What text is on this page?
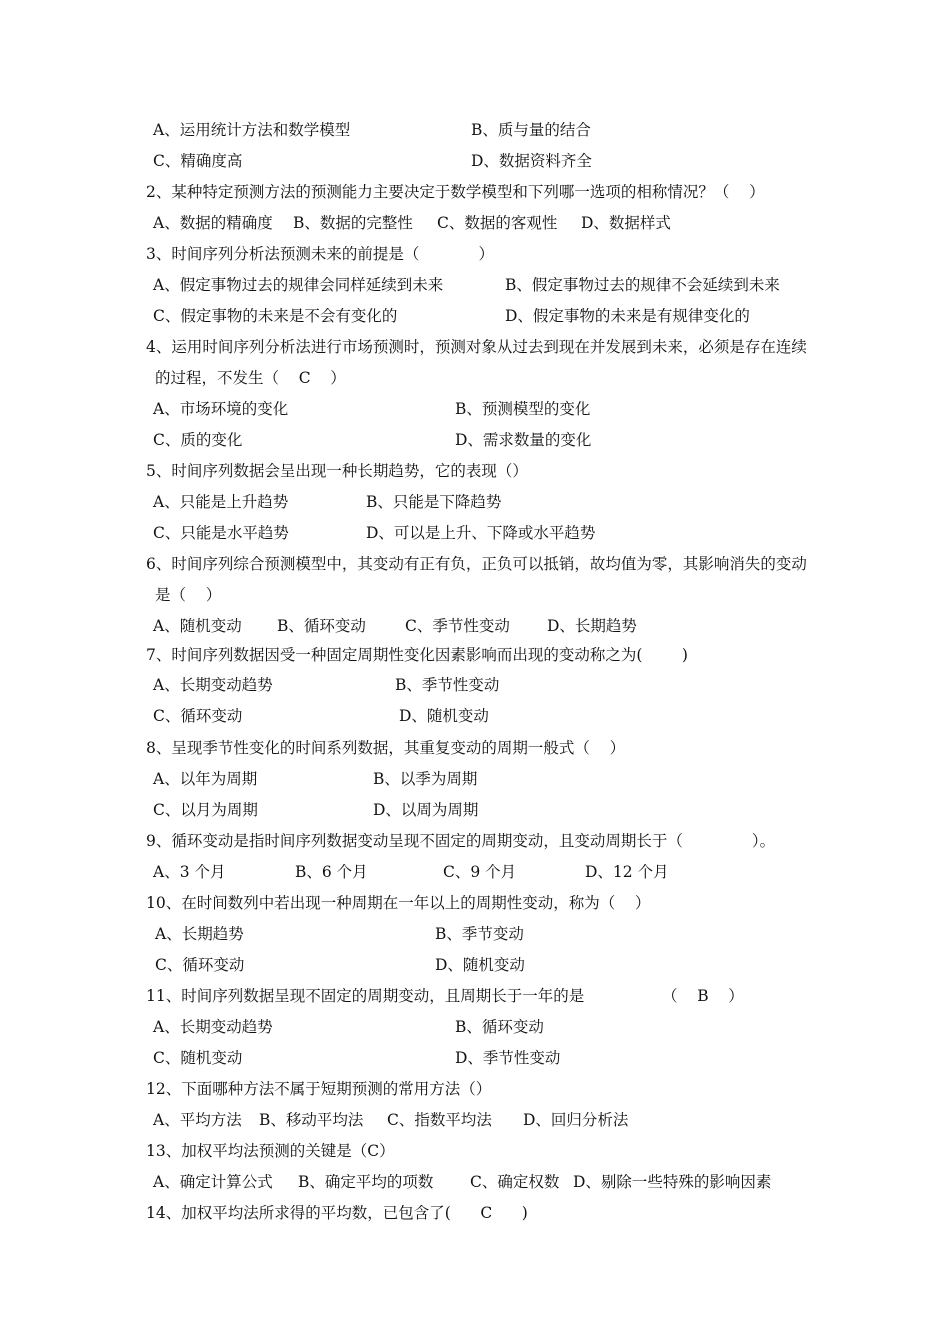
A、运用统计方法和数学模型	B、质与量的结合
C、精确度高	D、数据资料齐全
2、某种特定预测方法的预测能力主要决定于数学模型和下列哪一选项的相称情况？（    ）
A、数据的精确度 B、数据的完整性 C、数据的客观性 D、数据样式
3、时间序列分析法预测未来的前提是（            ）
A、假定事物过去的规律会同样延续到未来	B、假定事物过去的规律不会延续到未来
C、假定事物的未来是不会有变化的	D、假定事物的未来是有规律变化的
4、运用时间序列分析法进行市场预测时，预测对象从过去到现在并发展到未来，必须是存在连续
的过程，不发生（    C    ）
A、市场环境的变化	B、预测模型的变化
C、质的变化	D、需求数量的变化
5、时间序列数据会呈出现一种长期趋势，它的表现（）
A、只能是上升趋势	B、只能是下降趋势
C、只能是水平趋势	D、可以是上升、下降或水平趋势
6、时间序列综合预测模型中，其变动有正有负，正负可以抵销，故均值为零，其影响消失的变动
是（    ）
A、随机变动 B、循环变动	C、季节性变动 D、长期趋势
7、时间序列数据因受一种固定周期性变化因素影响而出现的变动称之为(        )
A、长期变动趋势	B、季节性变动
C、循环变动	D、随机变动
8、呈现季节性变化的时间系列数据，其重复变动的周期一般式（    ）
A、以年为周期	B、以季为周期
C、以月为周期	D、以周为周期
9、循环变动是指时间序列数据变动呈现不固定的周期变动，且变动周期长于（              ）。
A、3 个月	B、6 个月	C、9 个月	D、12 个月
10、在时间数列中若出现一种周期在一年以上的周期性变动，称为（    ）
A、长期趋势	B、季节变动
C、循环变动	D、随机变动
11、时间序列数据呈现不固定的周期变动，且周期长于一年的是	（    B    ）
A、长期变动趋势	B、循环变动
C、随机变动	D、季节性变动
12、下面哪种方法不属于短期预测的常用方法（）
A、平均方法 B、移动平均法 C、指数平均法 D、回归分析法
13、加权平均法预测的关键是（C）
A、确定计算公式 B、确定平均的项数 C、确定权数 D、剔除一些特殊的影响因素
14、加权平均法所求得的平均数，已包含了(      C      )
